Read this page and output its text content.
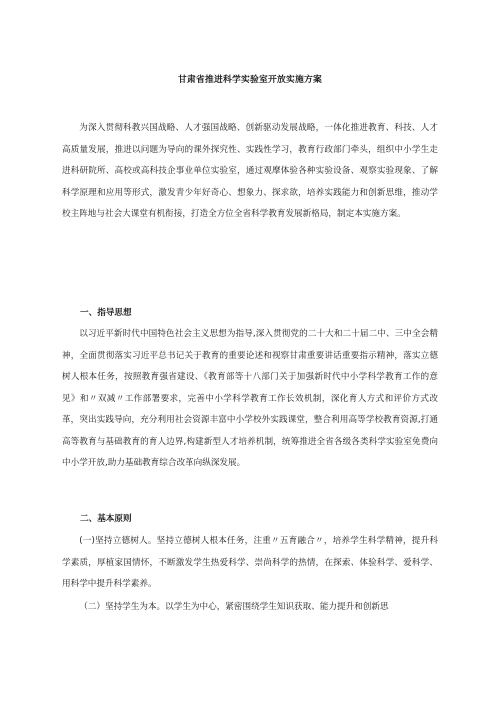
甘肃省推进科学实验室开放实施方案

为深入贯彻科教兴国战略、人才强国战略、创新驱动发展战略，一体化推进教育、科技、人才高质量发展，推进以问题为导向的课外探究性、实践性学习，教育行政部门牵头，组织中小学生走进科研院所、高校或高科技企事业单位实验室，通过观摩体验各种实验设备、观察实验现象、了解科学原理和应用等形式，激发青少年好奇心、想象力、探求欲，培养实践能力和创新思维，推动学校主阵地与社会大课堂有机衔接，打造全方位全省科学教育发展新格局，制定本实施方案。

一、指导思想

以习近平新时代中国特色社会主义思想为指导,深入贯彻党的二十大和二十届二中、三中全会精神，全面贯彻落实习近平总书记关于教育的重要论述和视察甘肃重要讲话重要指示精神，落实立德树人根本任务，按照教育强省建设、《教育部等十八部门关于加强新时代中小学科学教育工作的意见》和〃双减〃工作部署要求，完善中小学科学教育工作长效机制，深化育人方式和评价方式改革，突出实践导向，充分利用社会资源丰富中小学校外实践课堂，整合利用高等学校教育资源,打通高等教育与基础教育的育人边界,构建新型人才培养机制，统筹推进全省各级各类科学实验室免费向中小学开放,助力基础教育综合改革向纵深发展。

二、基本原则

(一)坚持立德树人。坚持立德树人根本任务，注重〃五育融合〃，培养学生科学精神，提升科学素质，厚植家国情怀，不断激发学生热爱科学、崇尚科学的热情，在探索、体验科学、爱科学、用科学中提升科学素养。

（二）坚持学生为本。以学生为中心，紧密围绕学生知识获取、能力提升和创新思
